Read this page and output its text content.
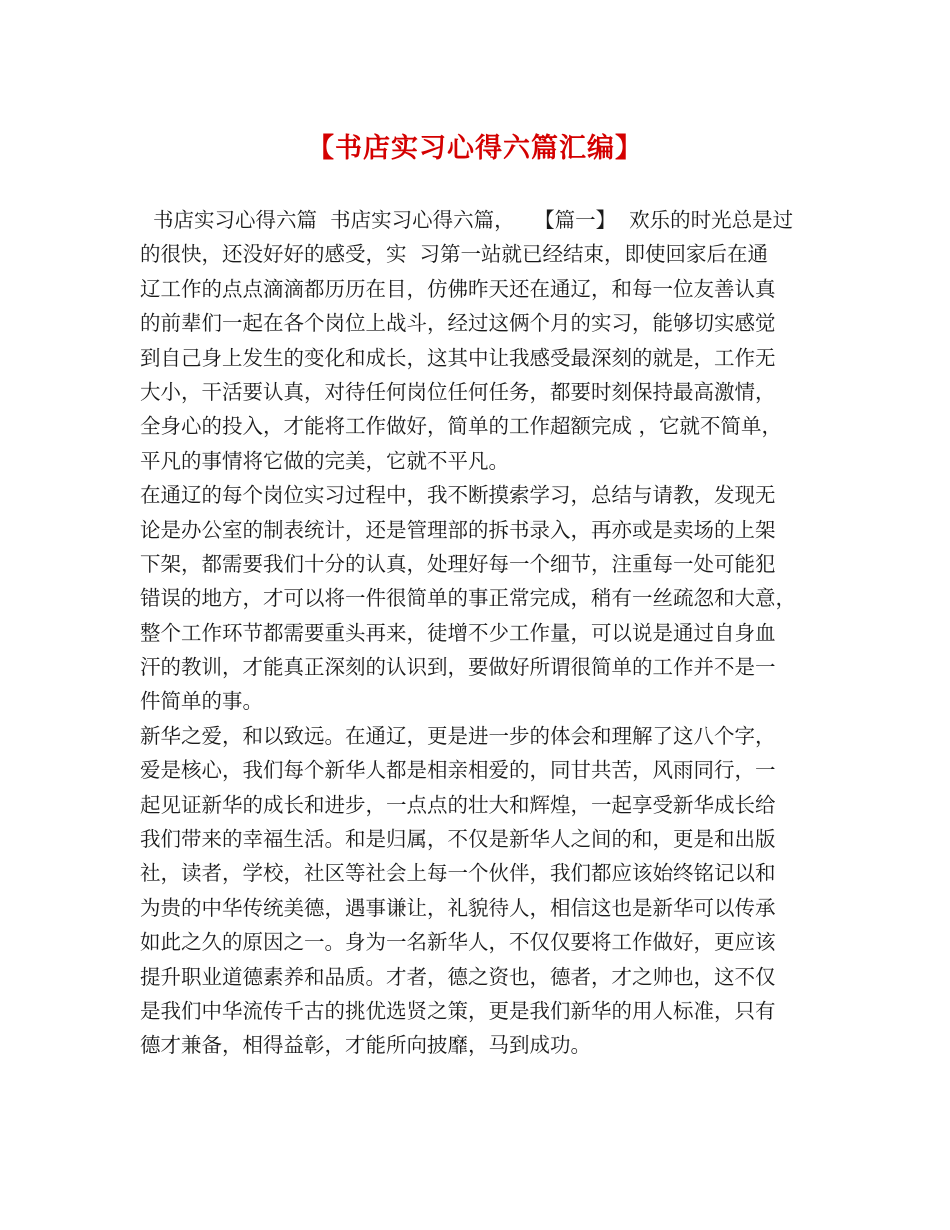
【书店实习心得六篇汇编】
书店实习心得六篇  书店实习心得六篇，   【篇一】  欢乐的时光总是过
的很快，还没好好的感受，实  习第一站就已经结束，即使回家后在通
辽工作的点点滴滴都历历在目，仿佛昨天还在通辽，和每一位友善认真
的前辈们一起在各个岗位上战斗，经过这俩个月的实习，能够切实感觉
到自己身上发生的变化和成长，这其中让我感受最深刻的就是，工作无
大小，干活要认真，对待任何岗位任何任务，都要时刻保持最高激情，
全身心的投入，才能将工作做好，简单的工作超额完成 ，它就不简单，
平凡的事情将它做的完美，它就不平凡。
在通辽的每个岗位实习过程中，我不断摸索学习，总结与请教，发现无
论是办公室的制表统计，还是管理部的拆书录入，再亦或是卖场的上架
下架，都需要我们十分的认真，处理好每一个细节，注重每一处可能犯
错误的地方，才可以将一件很简单的事正常完成，稍有一丝疏忽和大意，
整个工作环节都需要重头再来，徒增不少工作量，可以说是通过自身血
汗的教训，才能真正深刻的认识到，要做好所谓很简单的工作并不是一
件简单的事。
新华之爱，和以致远。在通辽，更是进一步的体会和理解了这八个字，
爱是核心，我们每个新华人都是相亲相爱的，同甘共苦，风雨同行，一
起见证新华的成长和进步，一点点的壮大和辉煌，一起享受新华成长给
我们带来的幸福生活。和是归属，不仅是新华人之间的和，更是和出版
社，读者，学校，社区等社会上每一个伙伴，我们都应该始终铭记以和
为贵的中华传统美德，遇事谦让，礼貌待人，相信这也是新华可以传承
如此之久的原因之一。身为一名新华人，不仅仅要将工作做好，更应该
提升职业道德素养和品质。才者，德之资也，德者，才之帅也，这不仅
是我们中华流传千古的挑优选贤之策，更是我们新华的用人标准，只有
德才兼备，相得益彰，才能所向披靡，马到成功。
